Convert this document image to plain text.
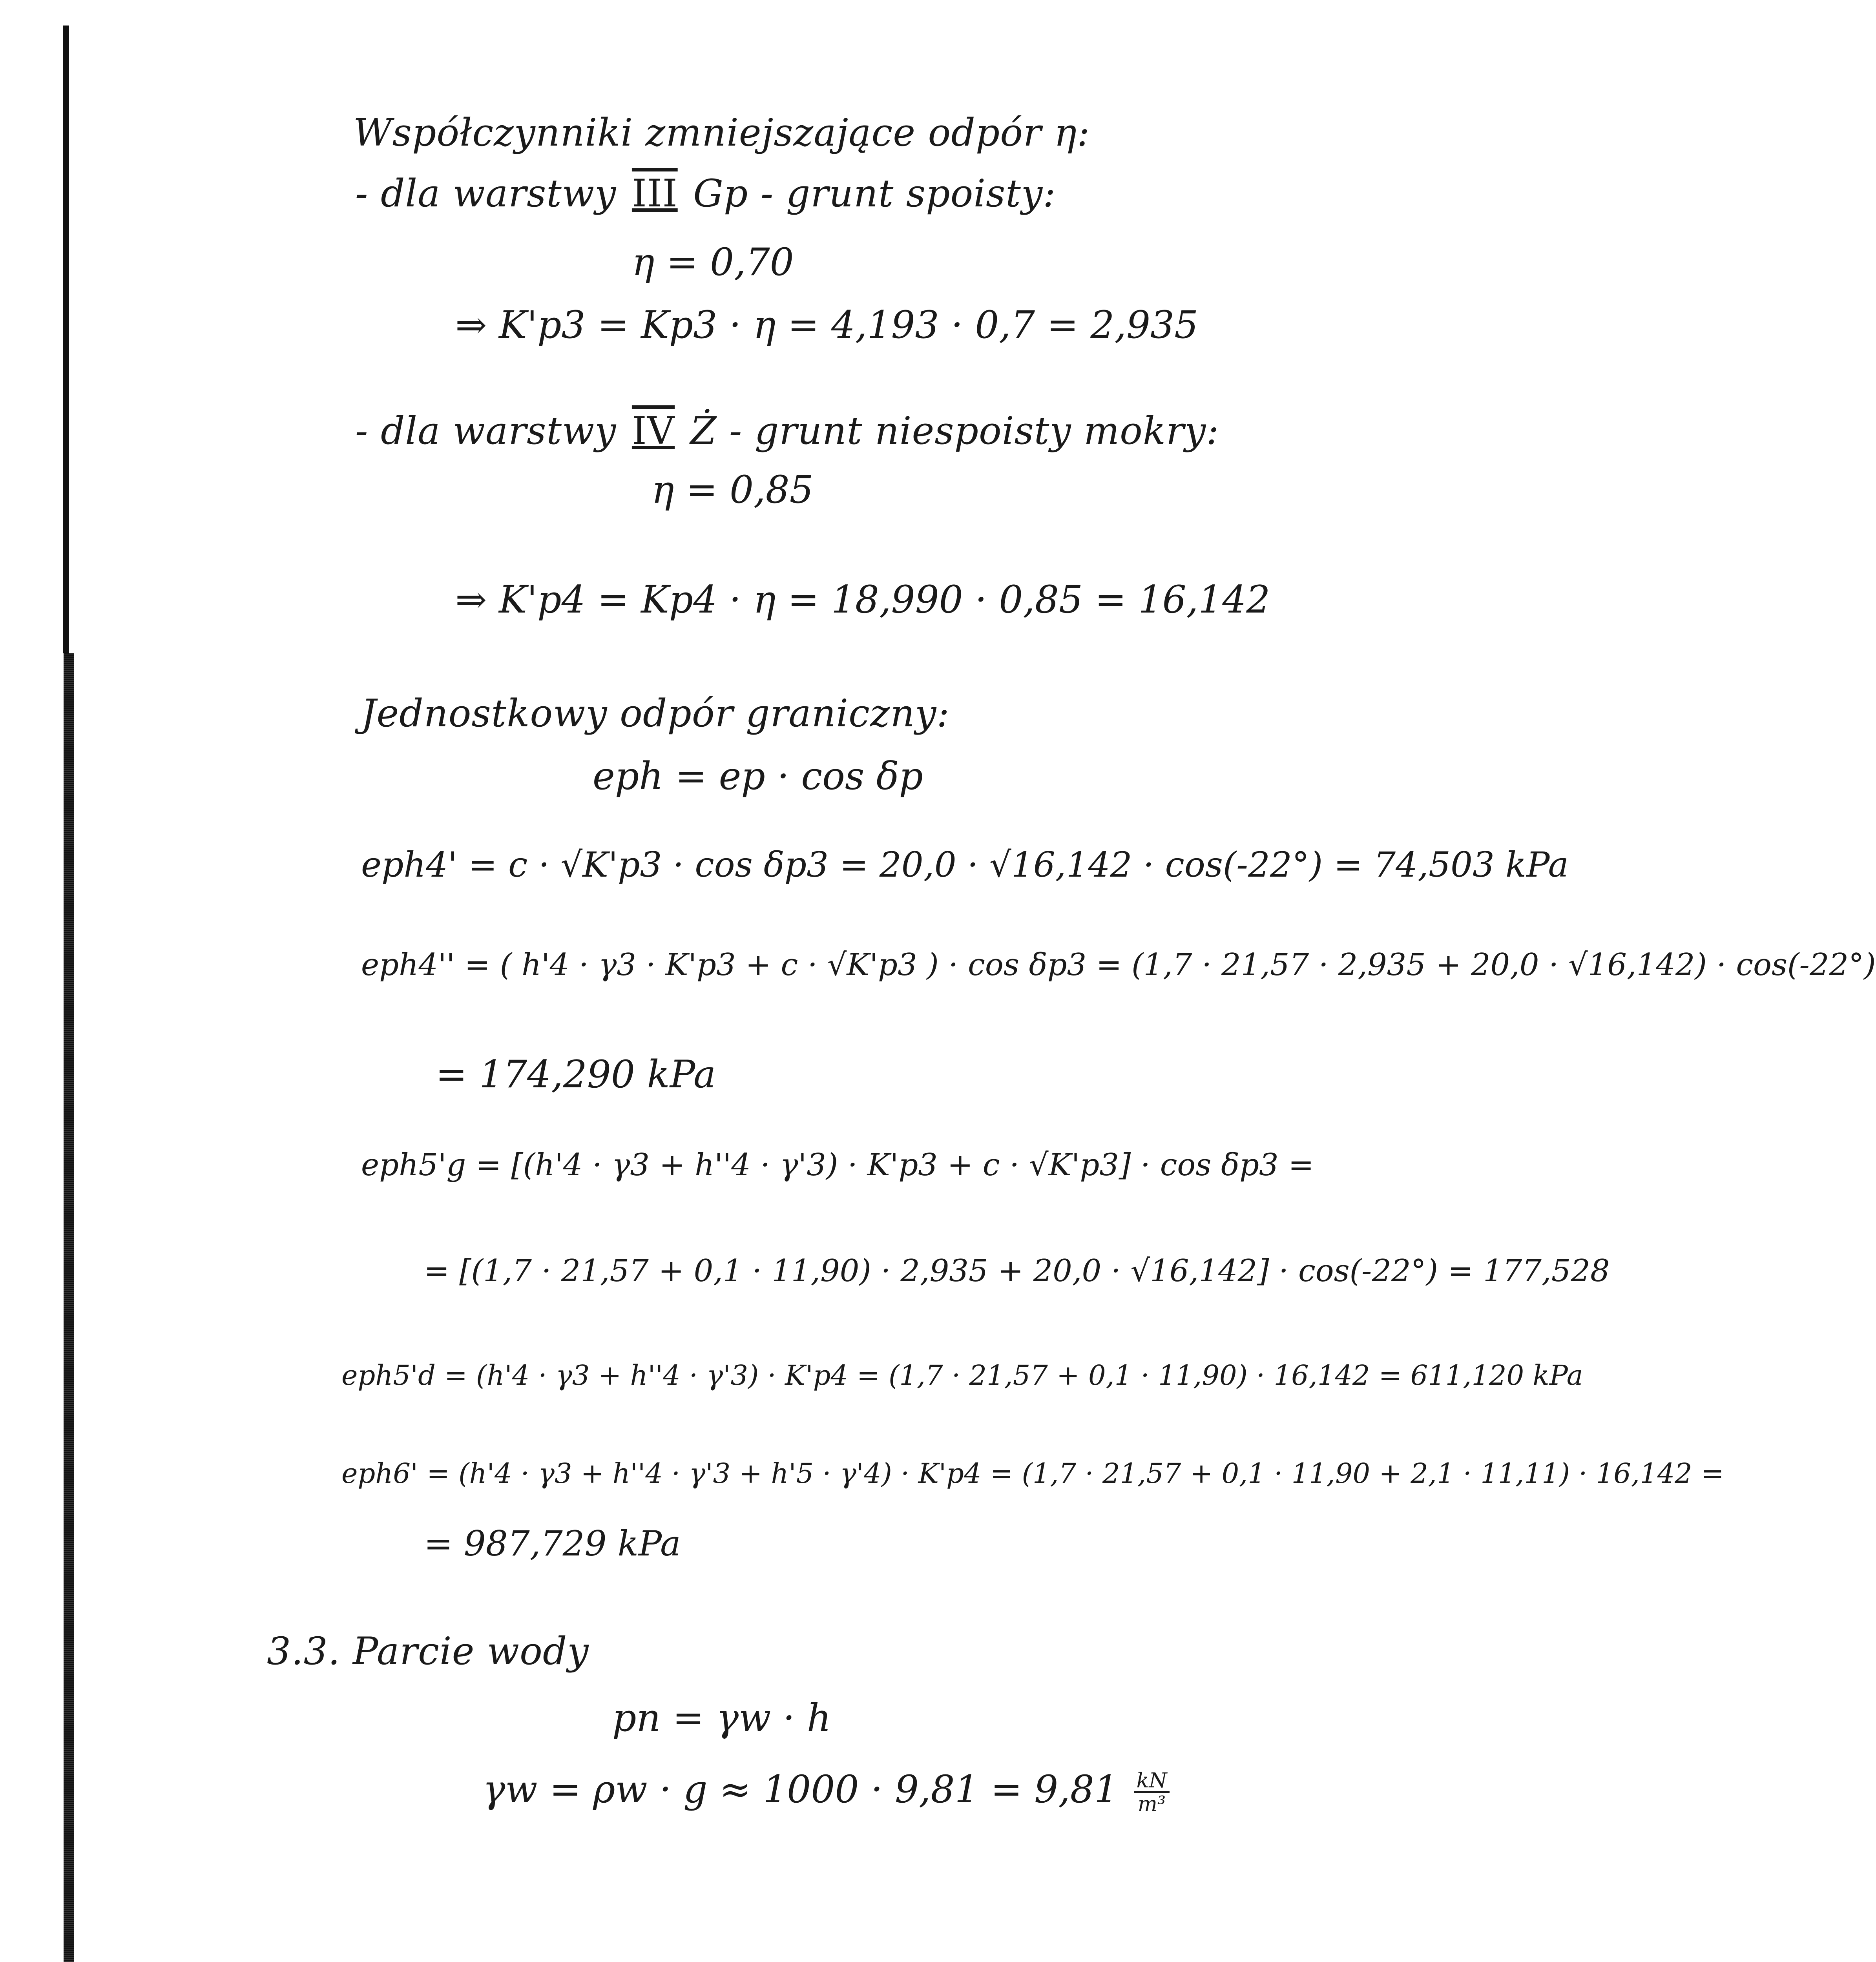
Współczynniki zmniejszające odpór η:
- dla warstwy III Gp - grunt spoisty:
η = 0,70
⇒ K'p3 = Kp3 · η = 4,193 · 0,7 = 2,935
- dla warstwy IV Ż - grunt niespoisty mokry:
η = 0,85
⇒ K'p4 = Kp4 · η = 18,990 · 0,85 = 16,142
Jednostkowy odpór graniczny:
eph = ep · cos δp
eph4' = c · √K'p3 · cos δp3 = 20,0 · √16,142 · cos(-22°) = 74,503 kPa
eph4'' = ( h'4 · γ3 · K'p3 + c · √K'p3 ) · cos δp3 = (1,7 · 21,57 · 2,935 + 20,0 · √16,142) · cos(-22°)
= 174,290 kPa
eph5'g = [(h'4 · γ3 + h''4 · γ'3) · K'p3 + c · √K'p3] · cos δp3 =
= [(1,7 · 21,57 + 0,1 · 11,90) · 2,935 + 20,0 · √16,142] · cos(-22°) = 177,528
eph5'd = (h'4 · γ3 + h''4 · γ'3) · K'p4 = (1,7 · 21,57 + 0,1 · 11,90) · 16,142 = 611,120 kPa
eph6' = (h'4 · γ3 + h''4 · γ'3 + h'5 · γ'4) · K'p4 = (1,7 · 21,57 + 0,1 · 11,90 + 2,1 · 11,11) · 16,142 =
= 987,729 kPa
3.3. Parcie wody
pn = γw · h
$\gamma w = \rho w \cdot g \approx 1000 \cdot 9,81 = 9,81 \frac{kN}{\text{m³}}$
